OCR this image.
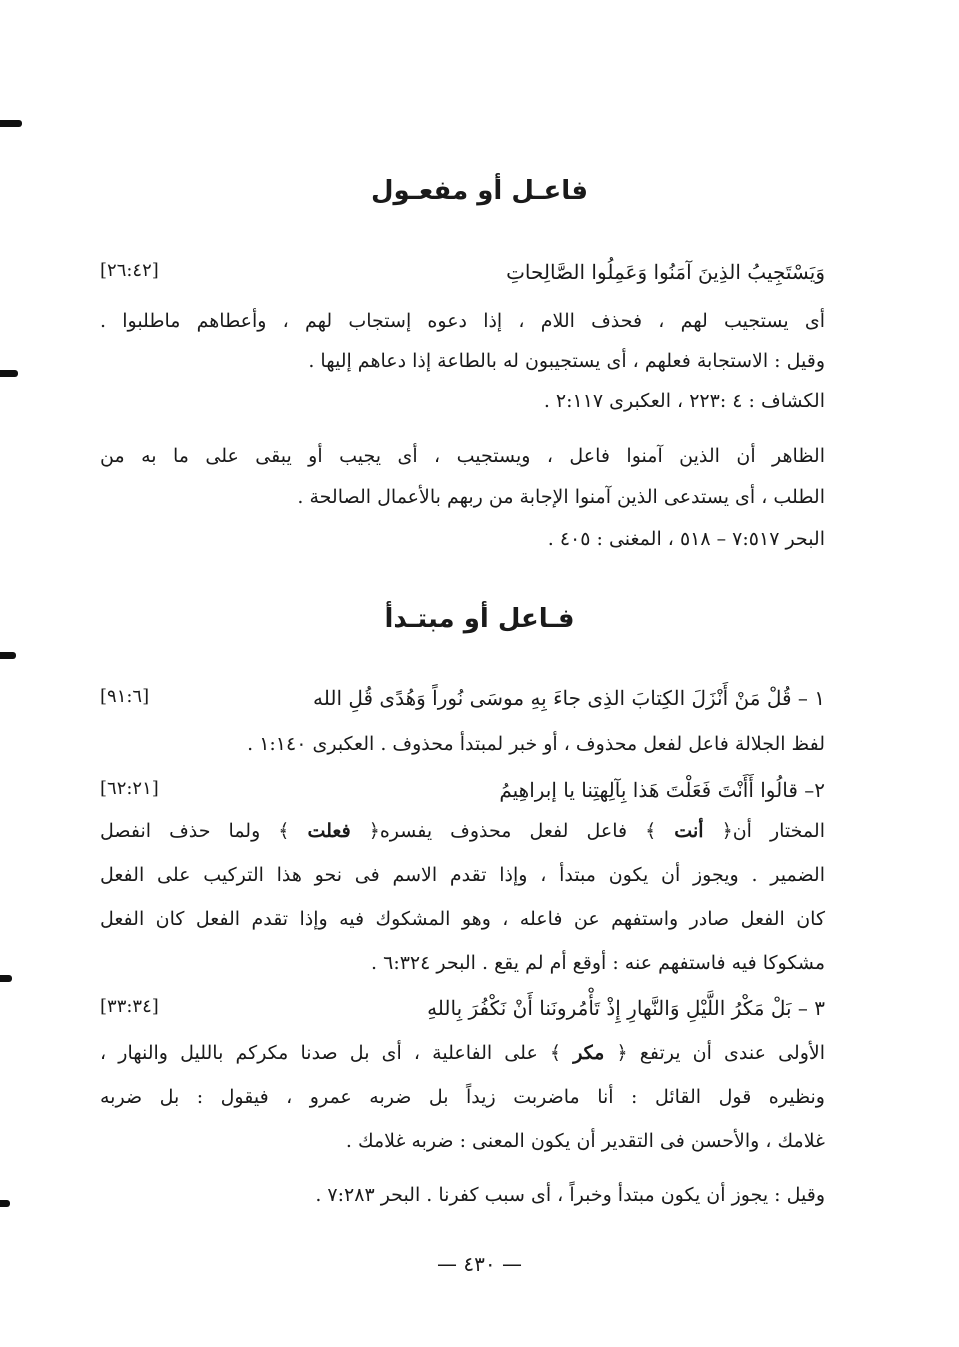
فاعـل أو مفعـول
وَيَسْتَجِيبُ الذِينَ آمَنُوا وَعَمِلُوا الصَّالِحاتِ
[٢٦:٤٢]
أى يستجيب لهم ، فحذف اللام ، إذا دعوه إستجاب لهم ، وأعطاهم ماطلبوا .
وقيل : الاستجابة فعلهم ، أى يستجيبون له بالطاعة إذا دعاهم إليها .
الكشاف : ٤ :٢٢٣ ، العكبرى ٢:١١٧ .
الظاهر أن الذين آمنوا فاعل ، ويستجيب ، أى يجيب أو يبقى على ما به من
الطلب ، أى يستدعى الذين آمنوا الإجابة من ربهم بالأعمال الصالحة .
البحر ٧:٥١٧ – ٥١٨ ، المغنى : ٤٠٥ .
فـاعل أو مبتـدأ
١ – قُلْ مَنْ أَنْزَلَ الكِتابَ الذِى جاءَ بِهِ موسَى نُوراً وَهُدًى قُلِ الله
[٩١:٦]
لفظ الجلالة فاعل لفعل محذوف ، أو خبر لمبتدأ محذوف . العكبرى ١:١٤٠ .
٢– قالُوا أَأَنْتَ فَعَلْتَ هَذا بِآلِهتِنا يا إبراهِيمُ
[٦٢:٢١]
المختار أن﴿ أنت ﴾ فاعل لفعل محذوف يفسره﴿ فعلت ﴾ ولما حذف انفصل
الضمير . ويجوز أن يكون مبتدأ ، وإذا تقدم الاسم فى نحو هذا التركيب على الفعل
كان الفعل صادر واستفهم عن فاعله ، وهو المشكوك فيه وإذا تقدم الفعل كان الفعل
مشكوكا فيه فاستفهم عنه : أوقع أم لم يقع . البحر ٦:٣٢٤ .
٣ – بَلْ مَكْرُ اللَّيْلِ وَالنَّهارِ إِذْ تَأْمُرونَنا أَنْ نَكْفُرَ بِاللهِ
[٣٣:٣٤]
الأولى عندى أن يرتفع ﴿ مكر ﴾ على الفاعلية ، أى بل صدنا مكركم بالليل والنهار ،
ونظيره قول القائل : أنا ماضربت زيداً بل ضربه عمرو ، فيقول : بل ضربه
غلامك ، والأحسن فى التقدير أن يكون المعنى : ضربه غلامك .
وقيل : يجوز أن يكون مبتدأ وخبراً ، أى سبب كفرنا . البحر ٧:٢٨٣ .
— ٤٣٠ —
